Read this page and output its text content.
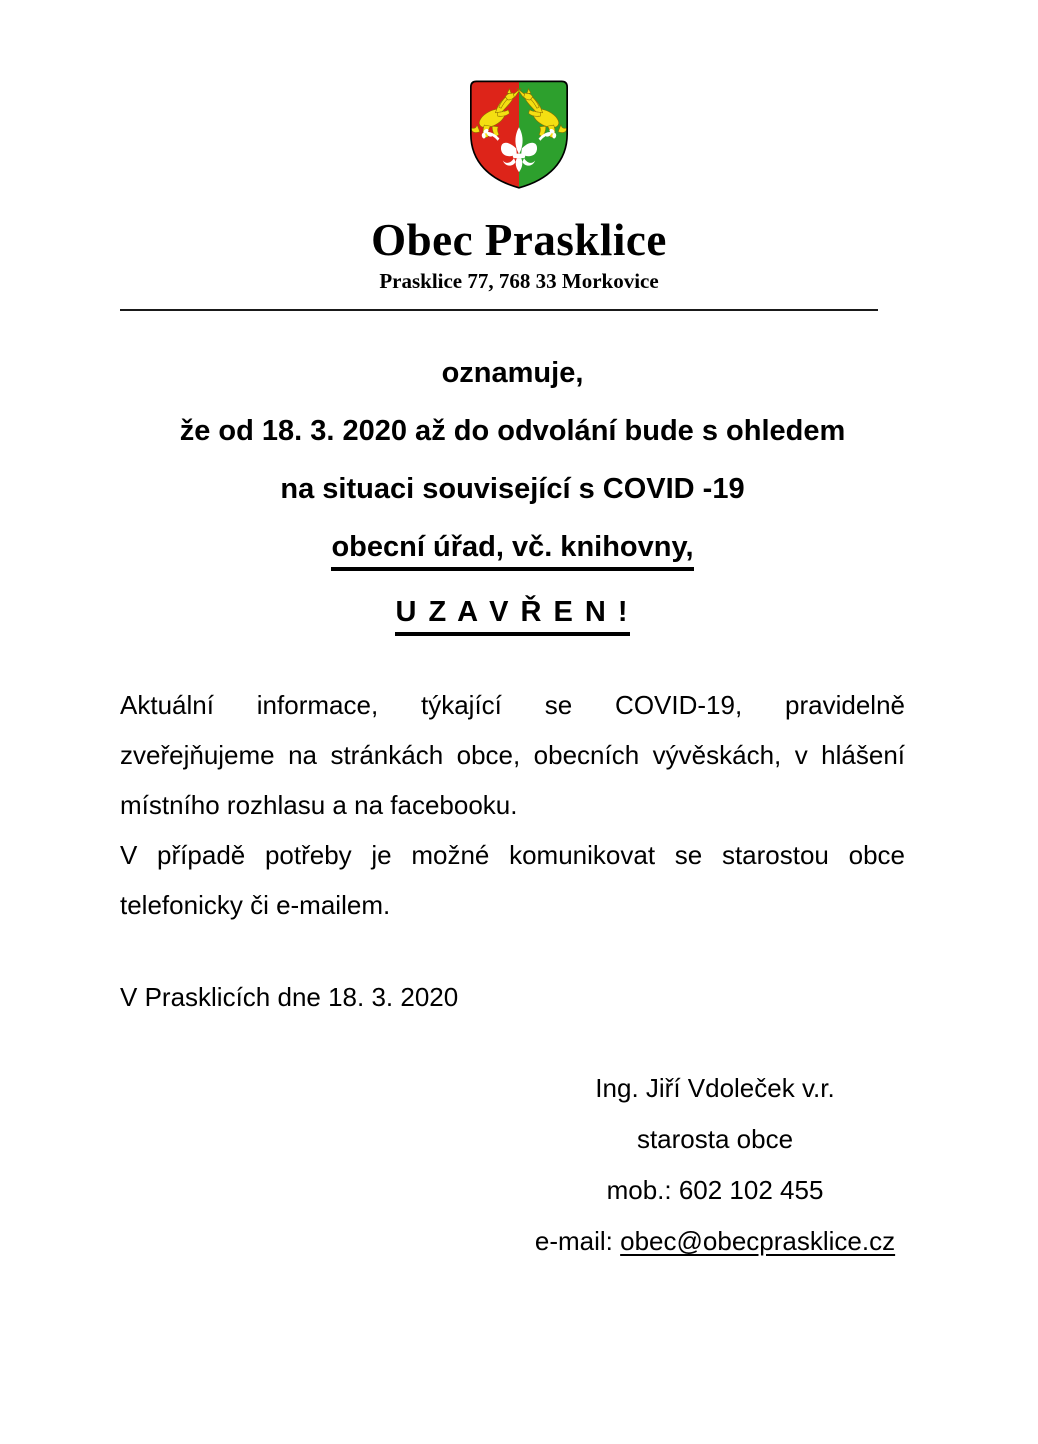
Obec Prasklice
Prasklice 77, 768 33 Morkovice
oznamuje,
že od 18. 3. 2020 až do odvolání bude s ohledem
na situaci související s COVID -19
obecní úřad, vč. knihovny,
U Z A V Ř E N !

Aktuální informace, týkající se COVID-19, pravidelně
zveřejňujeme na stránkách obce, obecních vývěskách, v hlášení
místního rozhlasu a na facebooku.

V případě potřeby je možné komunikovat se starostou obce
telefonicky či e-mailem.

V Prasklicích dne 18. 3. 2020
Ing. Jiří Vdoleček v.r.
starosta obce
mob.: 602 102 455
e-mail: obec@obecprasklice.cz
